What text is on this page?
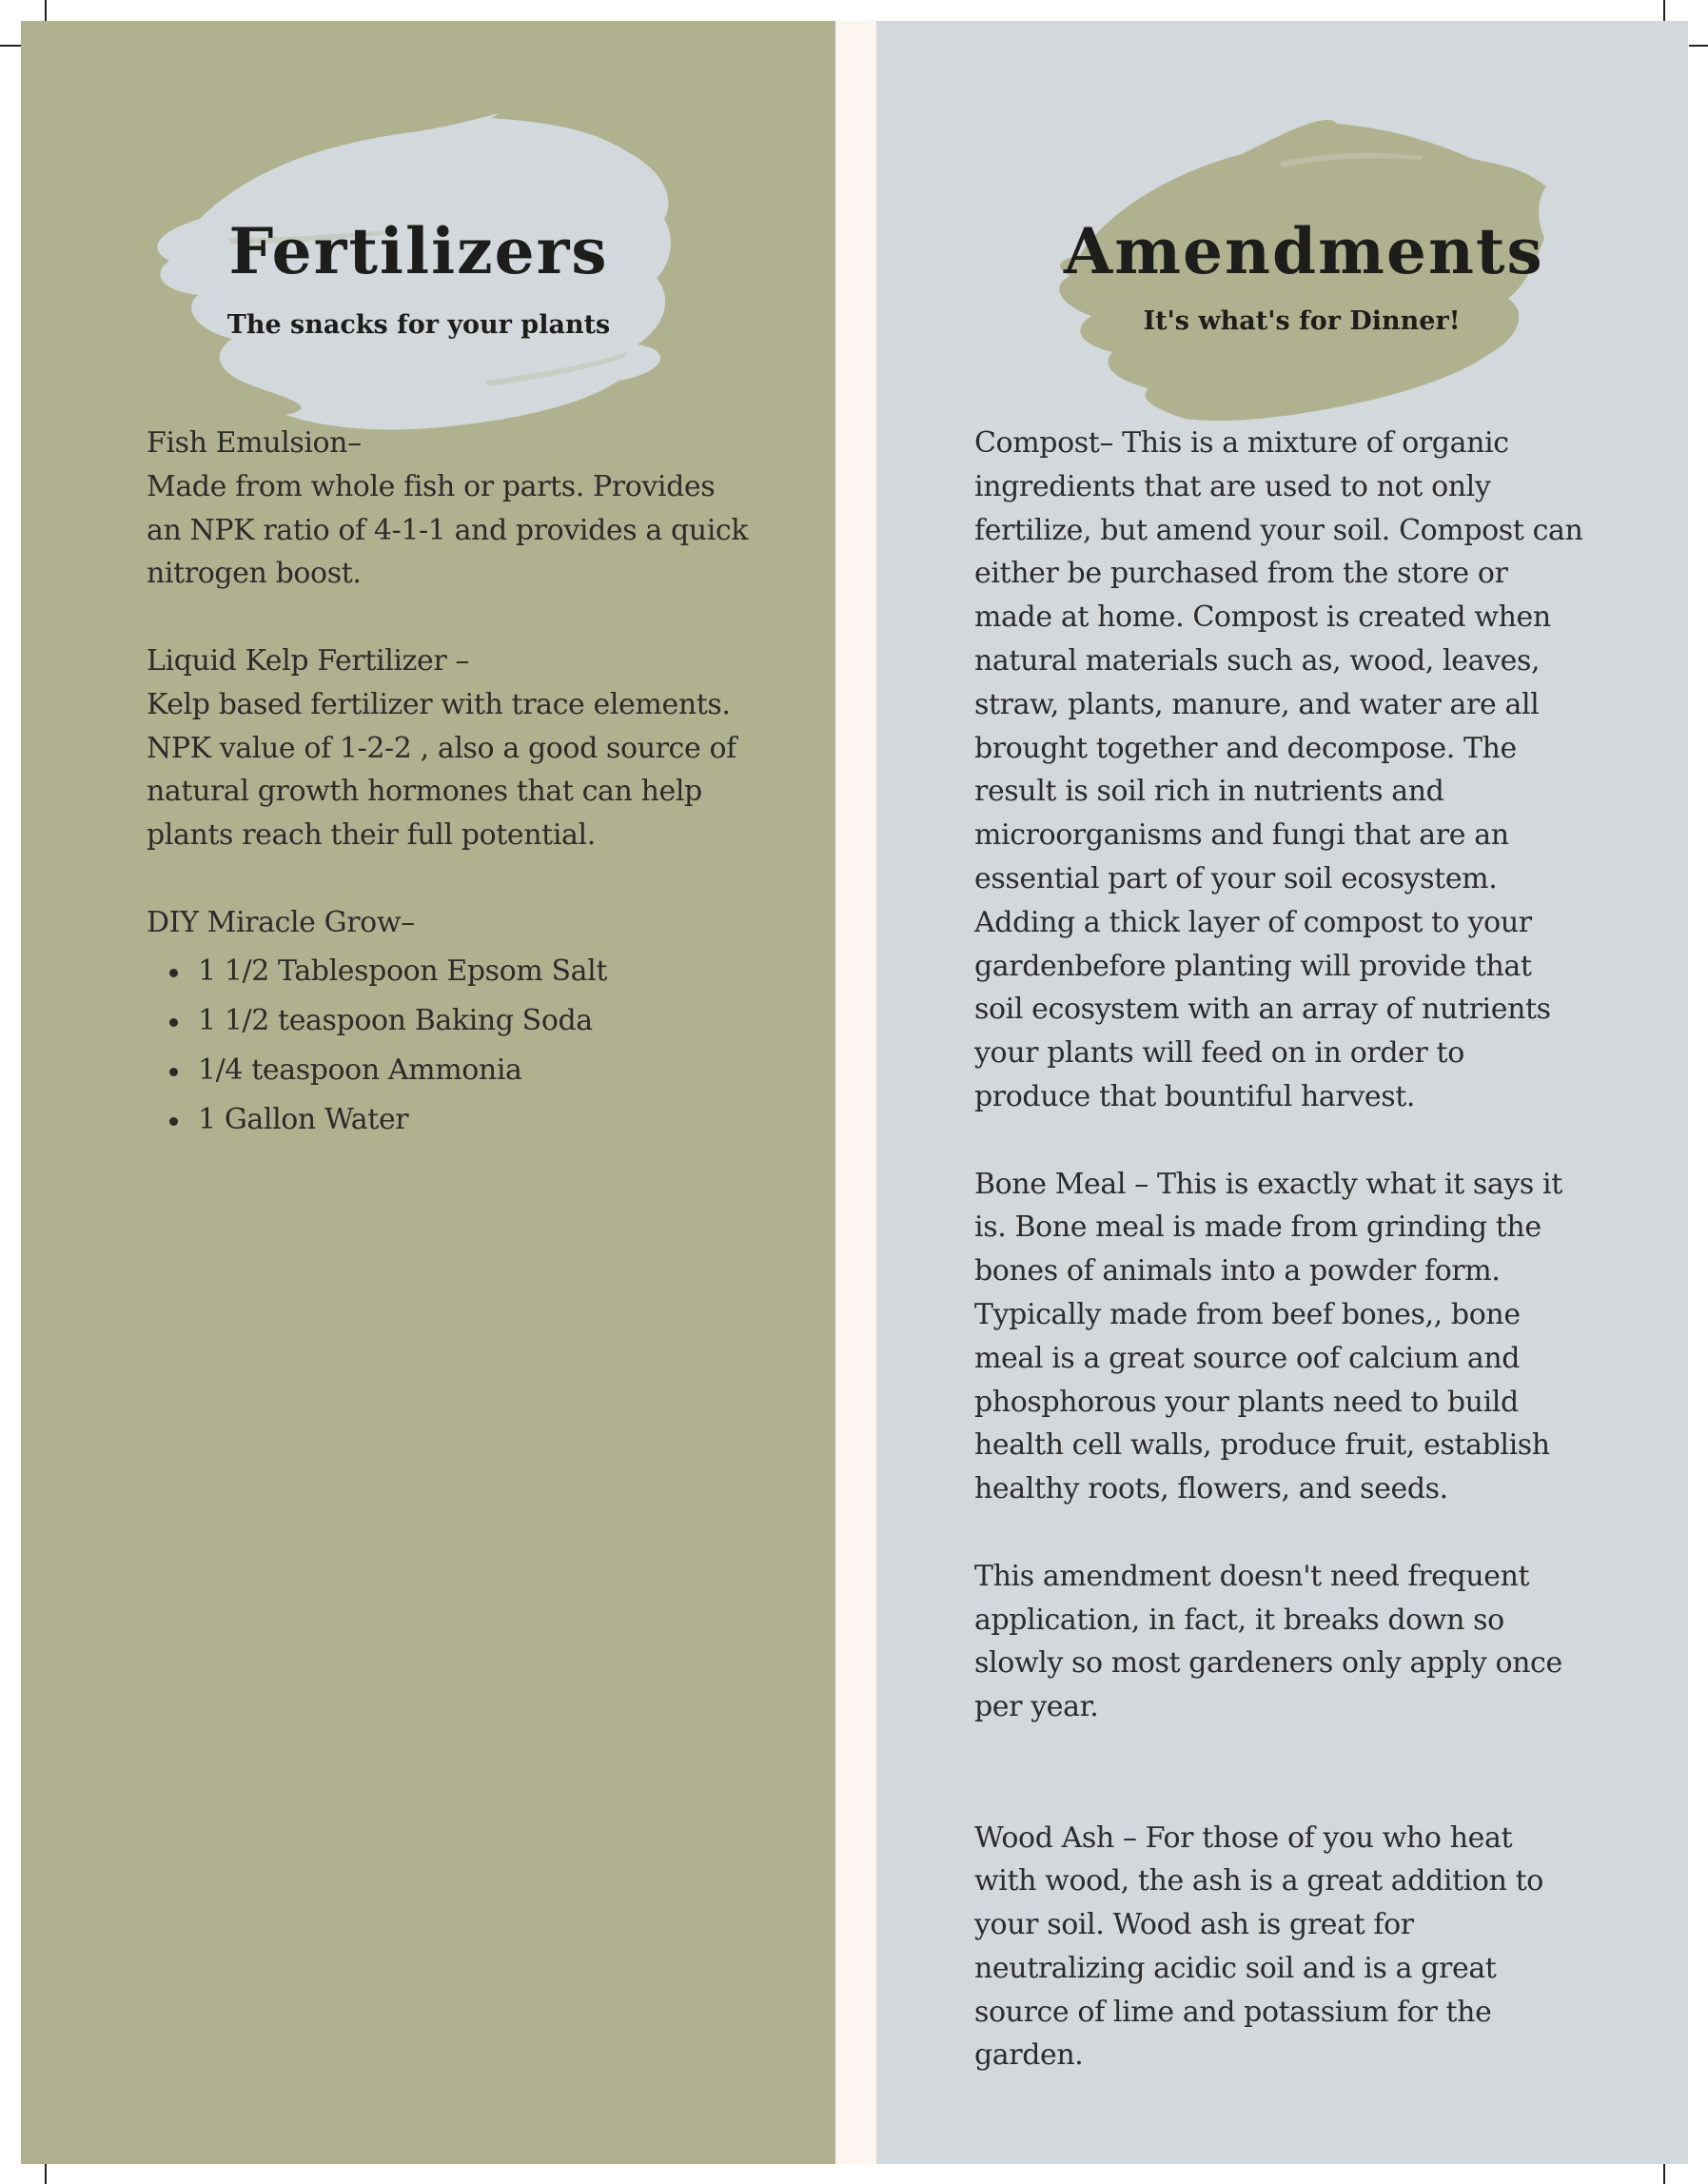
Fertilizers
The snacks for your plants

Fish Emulsion–

Made from whole fish or parts. Provides
an NPK ratio of 4-1-1 and provides a quick
nitrogen boost.

Liquid Kelp Fertilizer –

Kelp based fertilizer with trace elements.
NPK value of 1-2-2 , also a good source of
natural growth hormones that can help
plants reach their full potential.

DIY Miracle Grow–

1 1/2 Tablespoon Epsom Salt
1 1/2 teaspoon Baking Soda
1/4 teaspoon Ammonia
1 Gallon Water
Amendments
It's what's for Dinner!

Compost– This is a mixture of organic
ingredients that are used to not only
fertilize, but amend your soil. Compost can
either be purchased from the store or
made at home. Compost is created when
natural materials such as, wood, leaves,
straw, plants, manure, and water are all
brought together and decompose. The
result is soil rich in nutrients and
microorganisms and fungi that are an
essential part of your soil ecosystem.
Adding a thick layer of compost to your
gardenbefore planting will provide that
soil ecosystem with an array of nutrients
your plants will feed on in order to
produce that bountiful harvest.

Bone Meal – This is exactly what it says it
is. Bone meal is made from grinding the
bones of animals into a powder form.
Typically made from beef bones,, bone
meal is a great source oof calcium and
phosphorous your plants need to build
health cell walls, produce fruit, establish
healthy roots, flowers, and seeds.

This amendment doesn't need frequent
application, in fact, it breaks down so
slowly so most gardeners only apply once
per year.

Wood Ash – For those of you who heat
with wood, the ash is a great addition to
your soil. Wood ash is great for
neutralizing acidic soil and is a great
source of lime and potassium for the
garden.
